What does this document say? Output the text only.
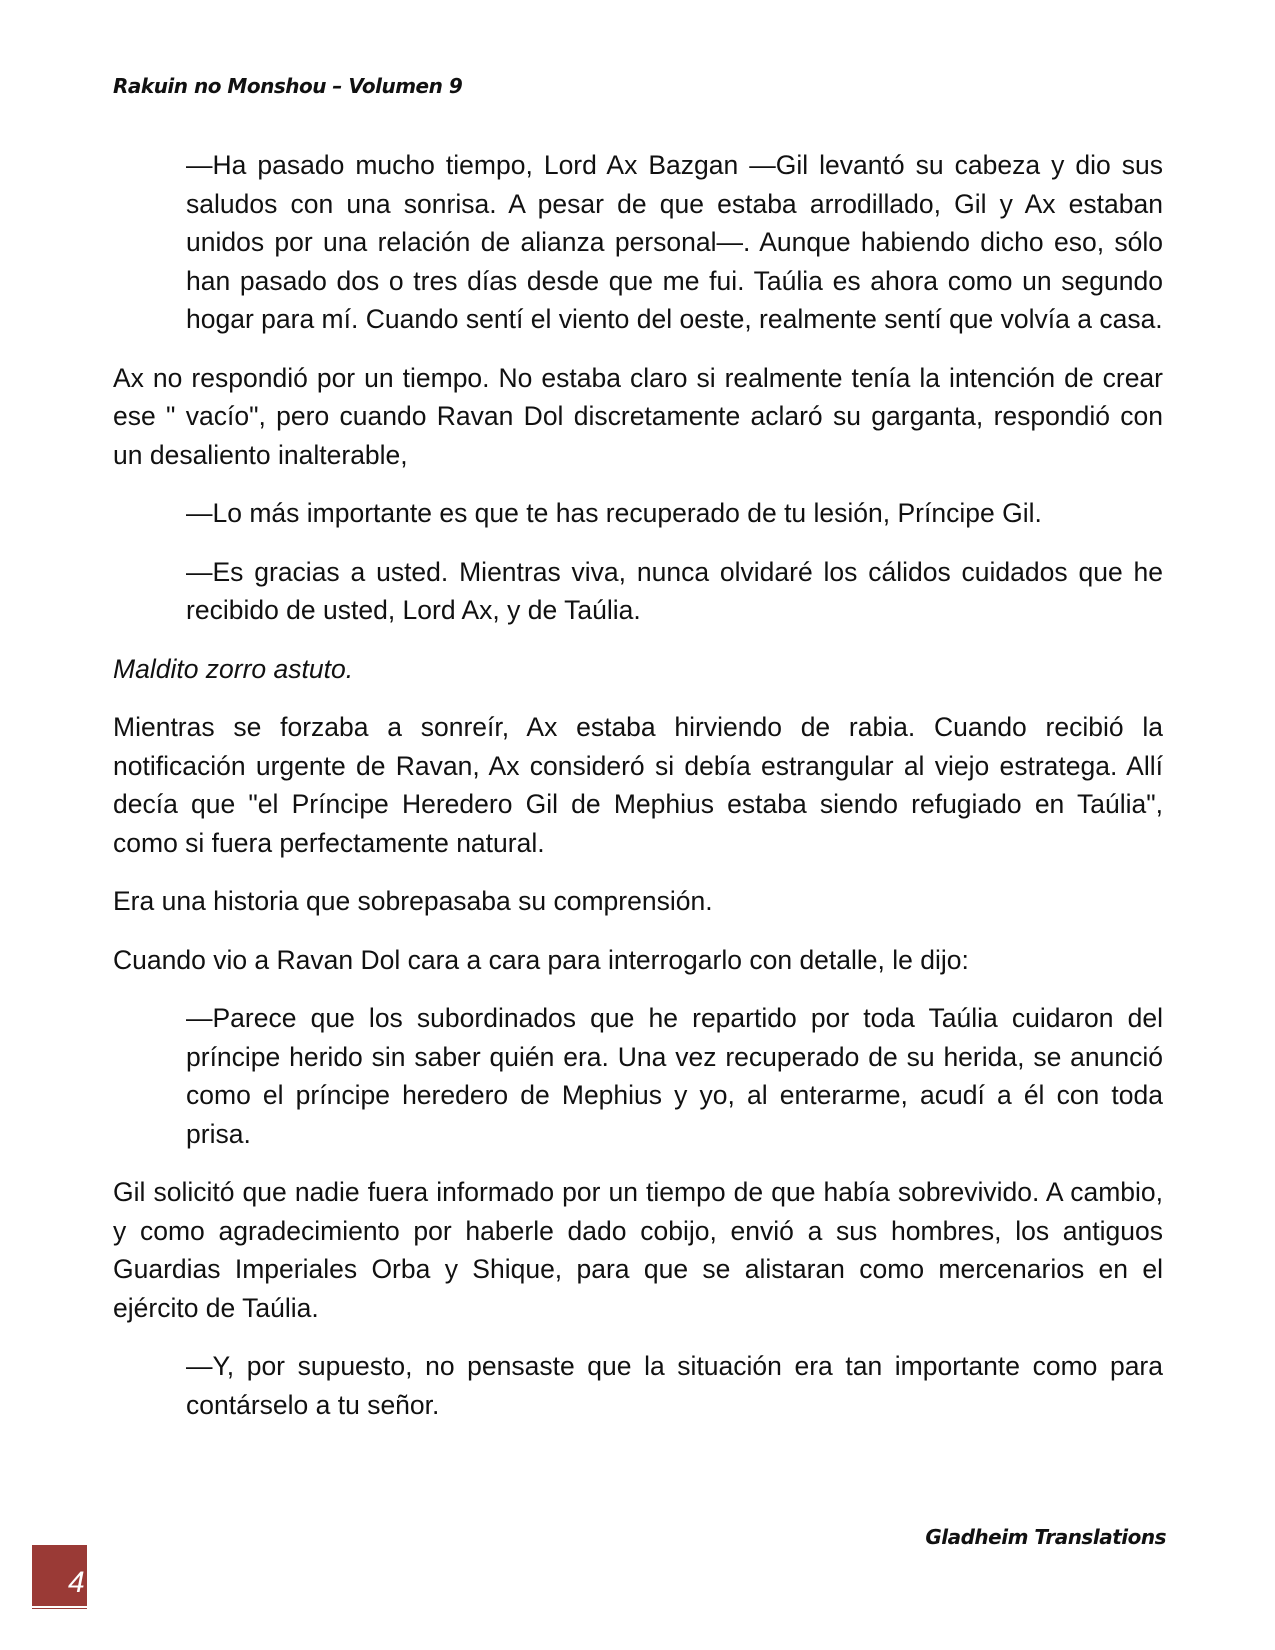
Rakuin no Monshou – Volumen 9

—Ha pasado mucho tiempo, Lord Ax Bazgan —Gil levantó su cabeza y dio sus saludos con una sonrisa. A pesar de que estaba arrodillado, Gil y Ax estaban unidos por una relación de alianza personal—. Aunque habiendo dicho eso, sólo han pasado dos o tres días desde que me fui. Taúlia es ahora como un segundo hogar para mí. Cuando sentí el viento del oeste, realmente sentí que volvía a casa.

Ax no respondió por un tiempo. No estaba claro si realmente tenía la intención de crear ese " vacío", pero cuando Ravan Dol discretamente aclaró su garganta, respondió con un desaliento inalterable,

—Lo más importante es que te has recuperado de tu lesión, Príncipe Gil.

—Es gracias a usted. Mientras viva, nunca olvidaré los cálidos cuidados que he recibido de usted, Lord Ax, y de Taúlia.

Maldito zorro astuto.

Mientras se forzaba a sonreír, Ax estaba hirviendo de rabia. Cuando recibió la notificación urgente de Ravan, Ax consideró si debía estrangular al viejo estratega. Allí decía que "el Príncipe Heredero Gil de Mephius estaba siendo refugiado en Taúlia", como si fuera perfectamente natural.

Era una historia que sobrepasaba su comprensión.

Cuando vio a Ravan Dol cara a cara para interrogarlo con detalle, le dijo:

—Parece que los subordinados que he repartido por toda Taúlia cuidaron del príncipe herido sin saber quién era. Una vez recuperado de su herida, se anunció como el príncipe heredero de Mephius y yo, al enterarme, acudí a él con toda prisa.

Gil solicitó que nadie fuera informado por un tiempo de que había sobrevivido. A cambio, y como agradecimiento por haberle dado cobijo, envió a sus hombres, los antiguos Guardias Imperiales Orba y Shique, para que se alistaran como mercenarios en el ejército de Taúlia.

—Y, por supuesto, no pensaste que la situación era tan importante como para contárselo a tu señor.

Gladheim Translations
4
